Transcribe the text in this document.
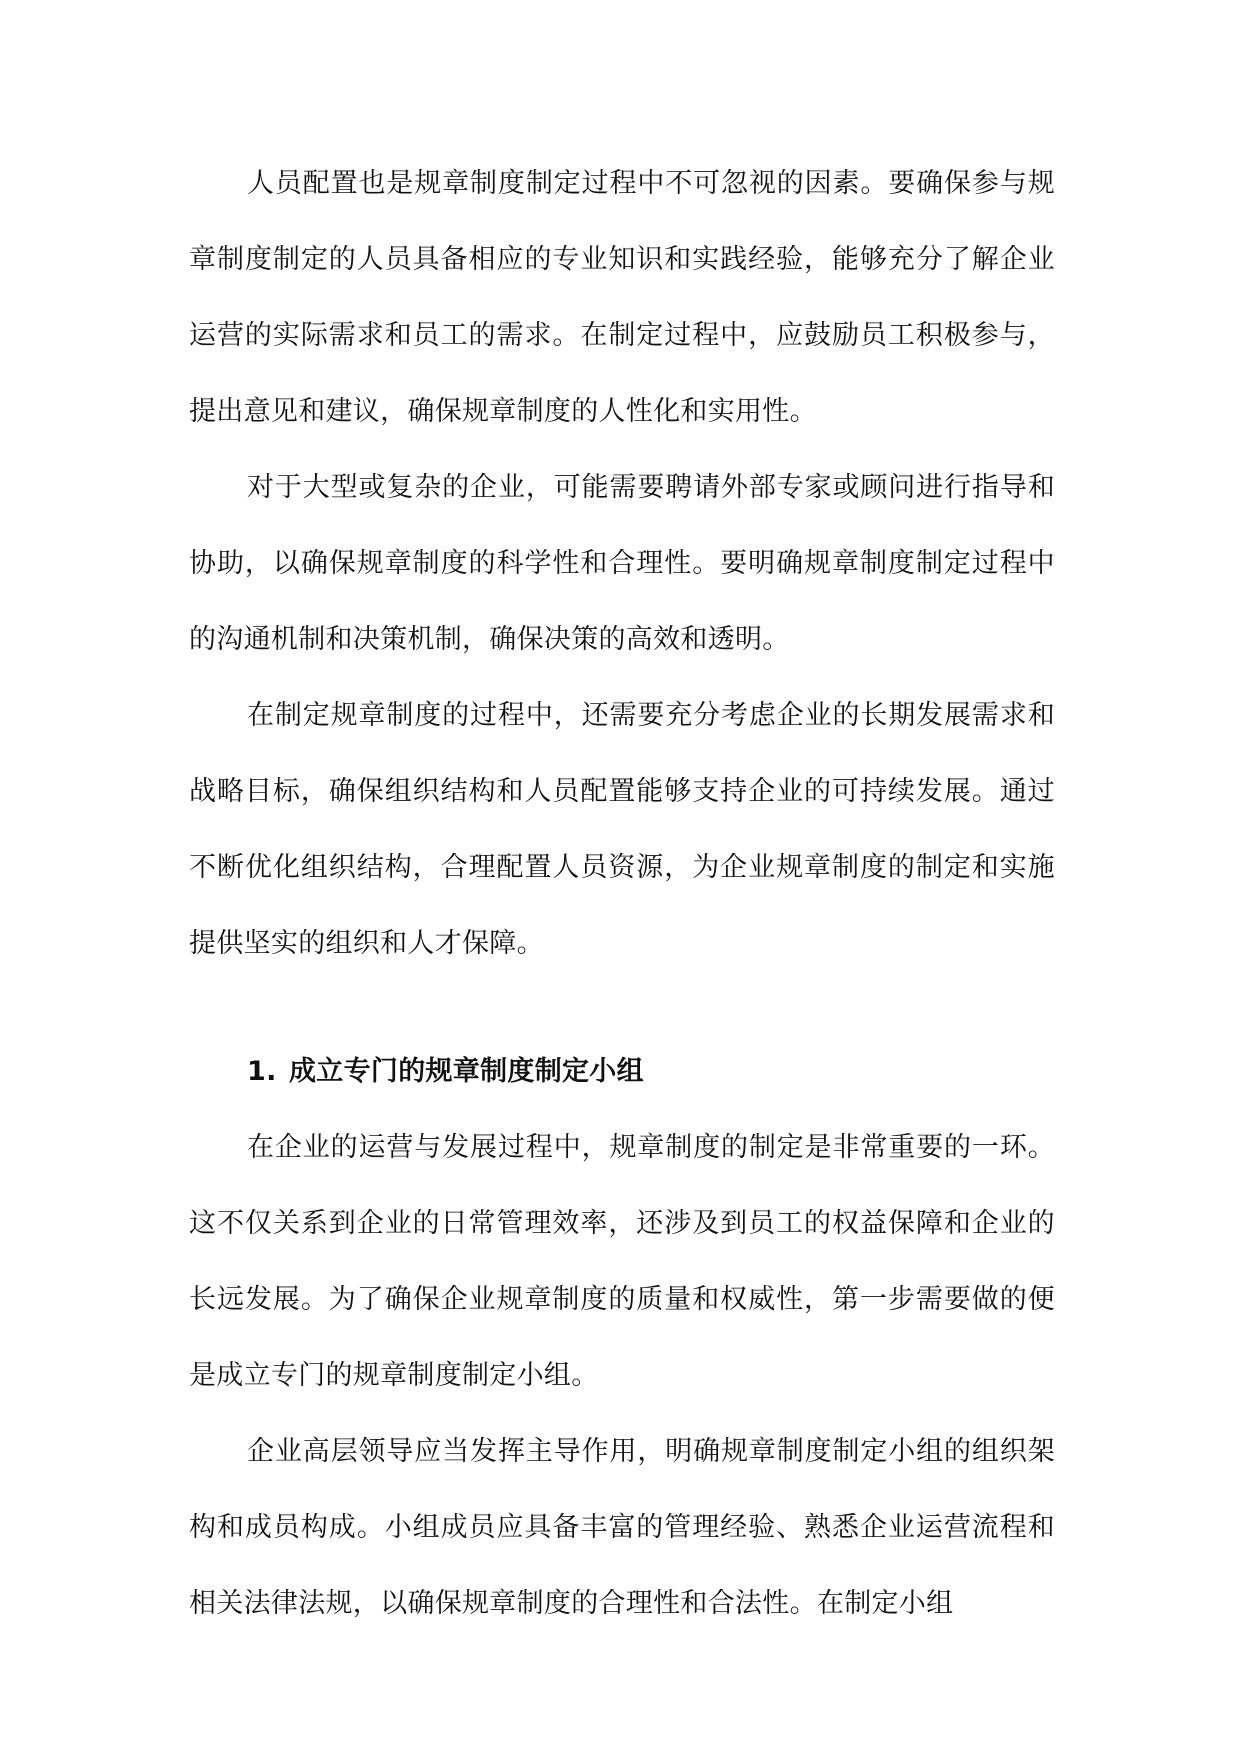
人员配置也是规章制度制定过程中不可忽视的因素。要确保参与规章制度制定的人员具备相应的专业知识和实践经验，能够充分了解企业运营的实际需求和员工的需求。在制定过程中，应鼓励员工积极参与，提出意见和建议，确保规章制度的人性化和实用性。

对于大型或复杂的企业，可能需要聘请外部专家或顾问进行指导和协助，以确保规章制度的科学性和合理性。要明确规章制度制定过程中的沟通机制和决策机制，确保决策的高效和透明。

在制定规章制度的过程中，还需要充分考虑企业的长期发展需求和战略目标，确保组织结构和人员配置能够支持企业的可持续发展。通过不断优化组织结构，合理配置人员资源，为企业规章制度的制定和实施提供坚实的组织和人才保障。

1. 成立专门的规章制度制定小组

在企业的运营与发展过程中，规章制度的制定是非常重要的一环。这不仅关系到企业的日常管理效率，还涉及到员工的权益保障和企业的长远发展。为了确保企业规章制度的质量和权威性，第一步需要做的便是成立专门的规章制度制定小组。

企业高层领导应当发挥主导作用，明确规章制度制定小组的组织架构和成员构成。小组成员应具备丰富的管理经验、熟悉企业运营流程和相关法律法规，以确保规章制度的合理性和合法性。在制定小组
